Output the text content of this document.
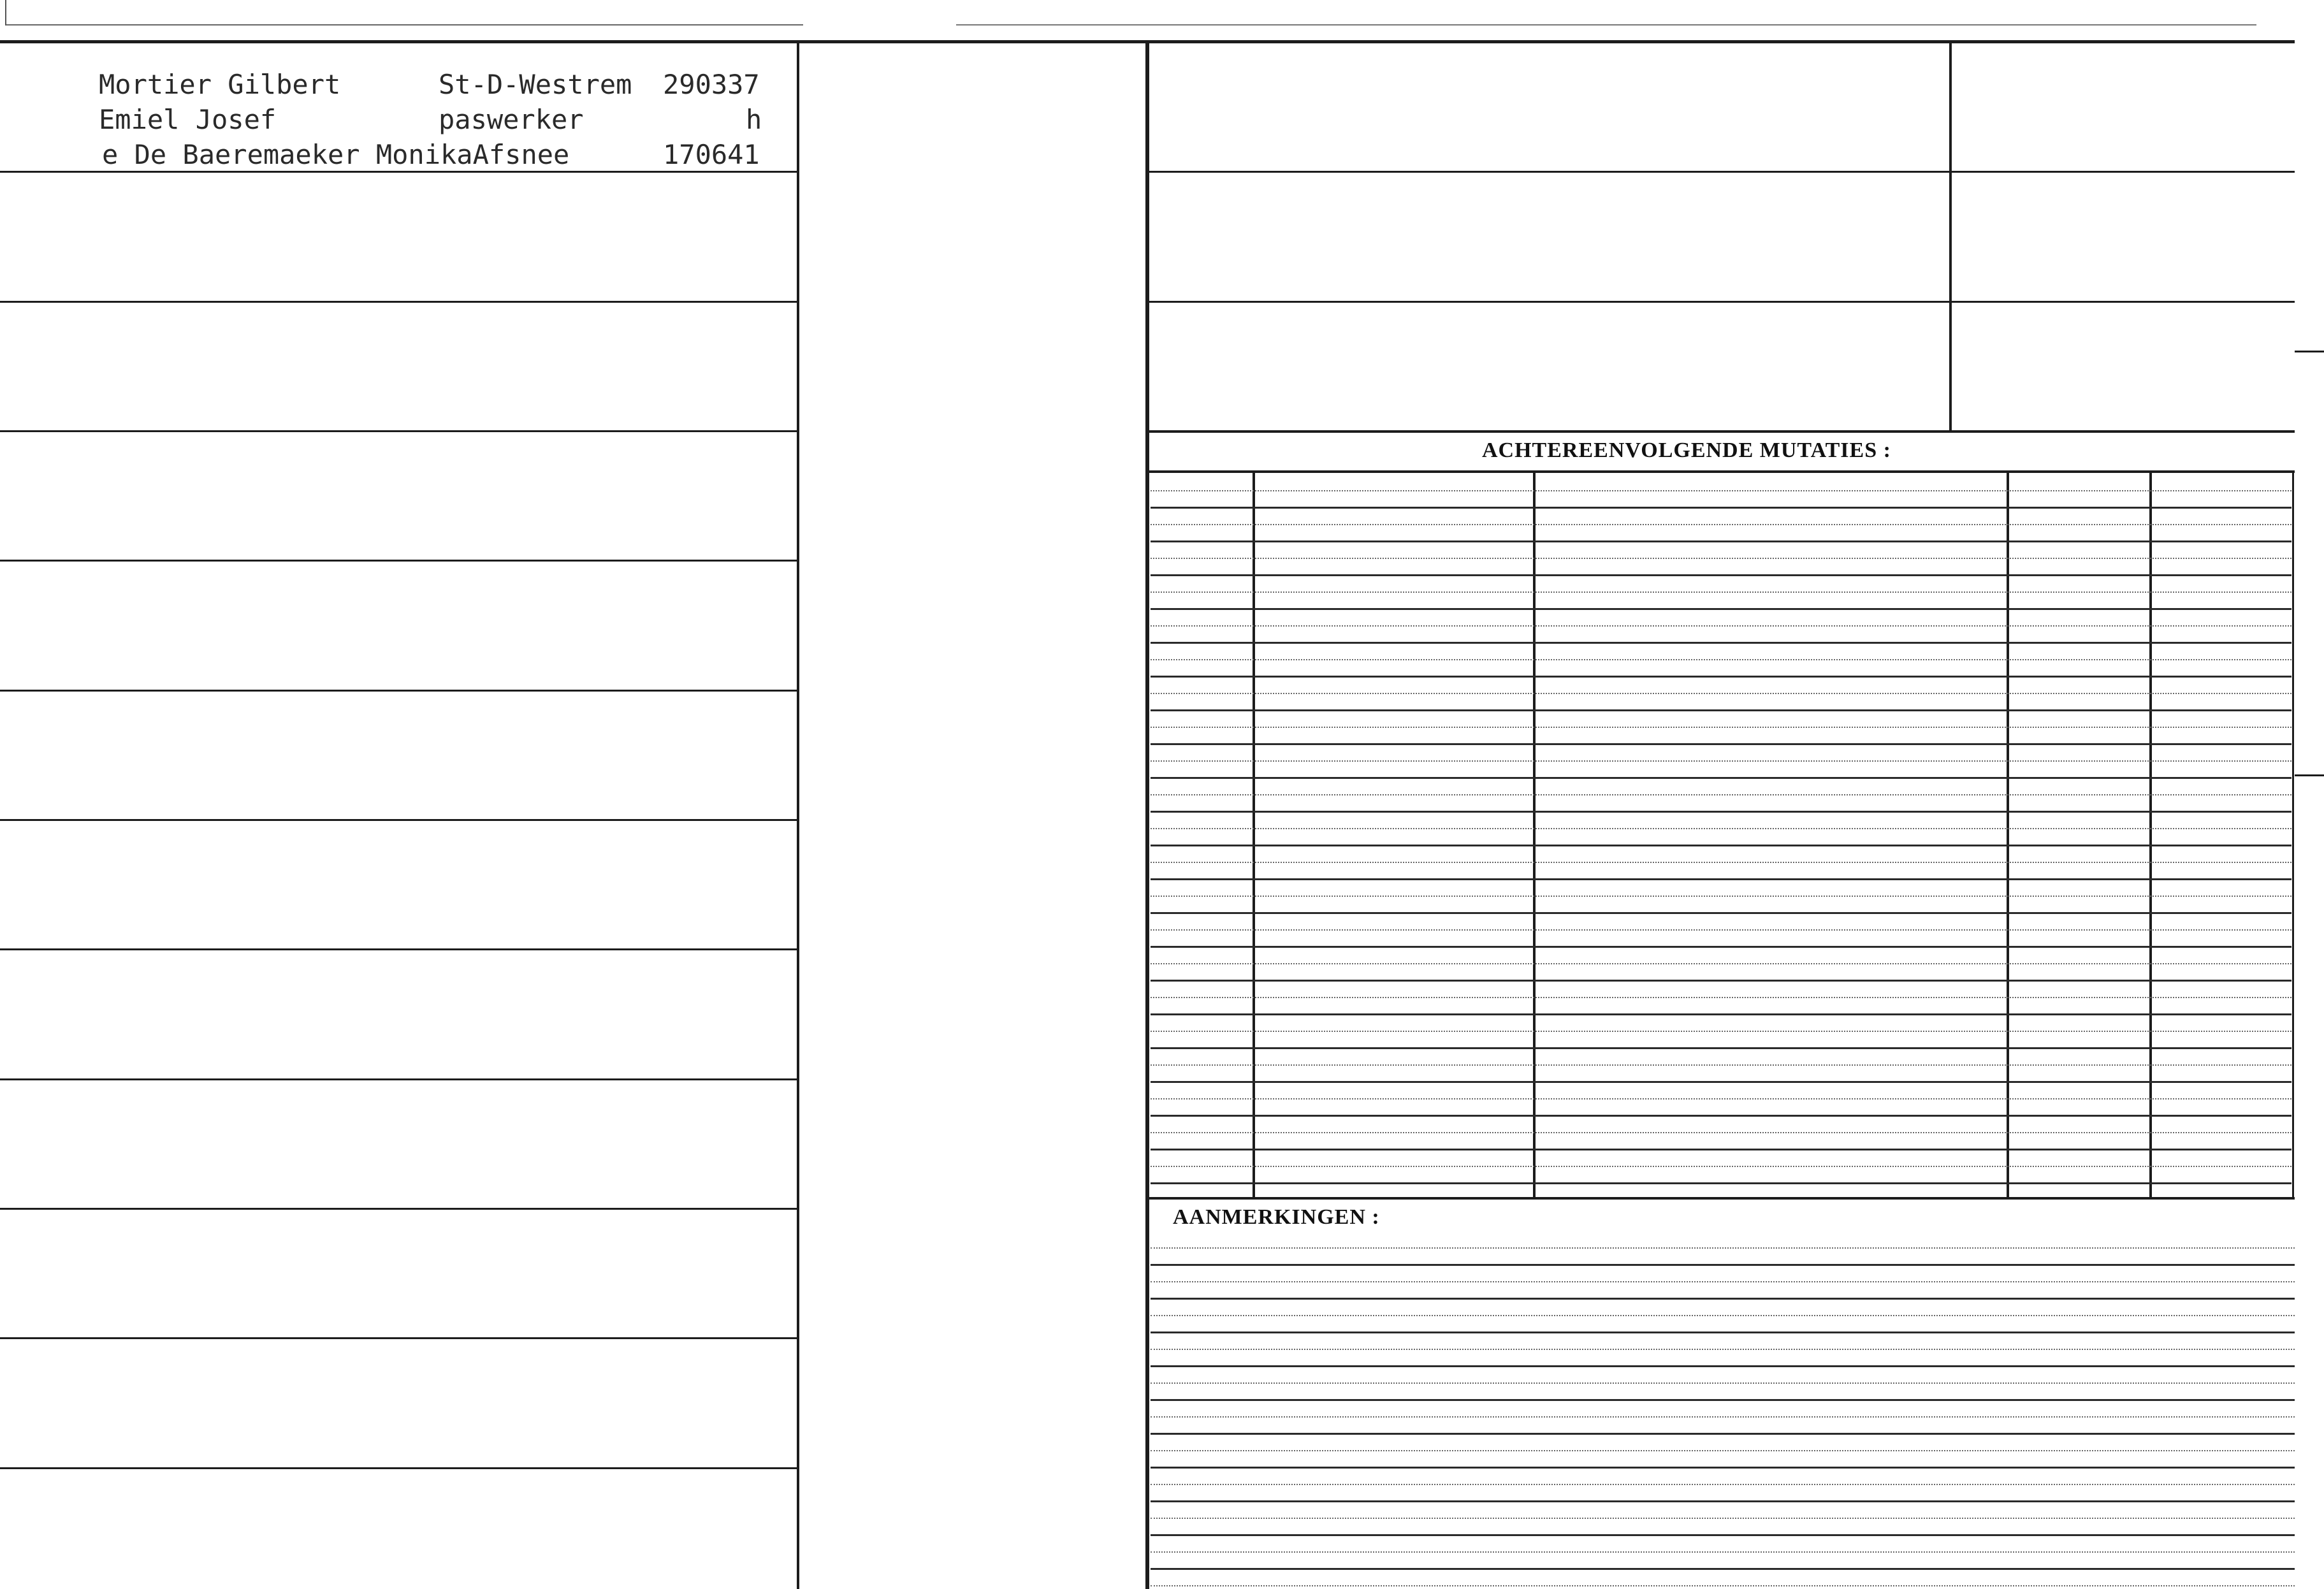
ACHTEREENVOLGENDE MUTATIES :
AANMERKINGEN :
Mortier Gilbert	St-D-Westrem 290337
Emiel Josef	paswerker	h
e De Baeremaeker MonikaAfsnee	170641
